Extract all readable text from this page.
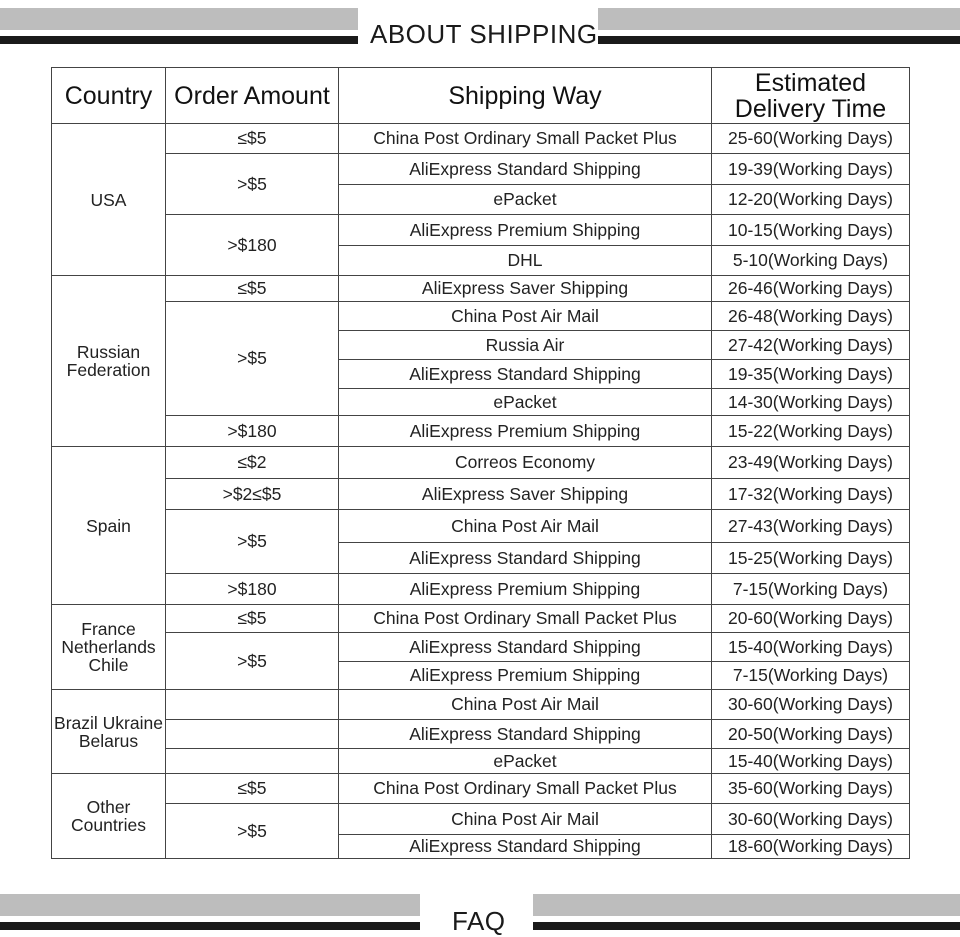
ABOUT SHIPPING
Country	Order Amount	Shipping Way	Estimated Delivery Time
USA	≤$5	China Post Ordinary Small Packet Plus	25-60(Working Days)
	>$5	AliExpress Standard Shipping	19-39(Working Days)
		ePacket	12-20(Working Days)
	>$180	AliExpress Premium Shipping	10-15(Working Days)
		DHL	5-10(Working Days)
Russian Federation	≤$5	AliExpress Saver Shipping	26-46(Working Days)
	>$5	China Post Air Mail	26-48(Working Days)
		Russia Air	27-42(Working Days)
		AliExpress Standard Shipping	19-35(Working Days)
		ePacket	14-30(Working Days)
	>$180	AliExpress Premium Shipping	15-22(Working Days)
Spain	≤$2	Correos Economy	23-49(Working Days)
	>$2≤$5	AliExpress Saver Shipping	17-32(Working Days)
	>$5	China Post Air Mail	27-43(Working Days)
		AliExpress Standard Shipping	15-25(Working Days)
	>$180	AliExpress Premium Shipping	7-15(Working Days)
France Netherlands Chile	≤$5	China Post Ordinary Small Packet Plus	20-60(Working Days)
	>$5	AliExpress Standard Shipping	15-40(Working Days)
		AliExpress Premium Shipping	7-15(Working Days)
Brazil Ukraine Belarus		China Post Air Mail	30-60(Working Days)
		AliExpress Standard Shipping	20-50(Working Days)
		ePacket	15-40(Working Days)
Other Countries	≤$5	China Post Ordinary Small Packet Plus	35-60(Working Days)
	>$5	China Post Air Mail	30-60(Working Days)
		AliExpress Standard Shipping	18-60(Working Days)
FAQ
